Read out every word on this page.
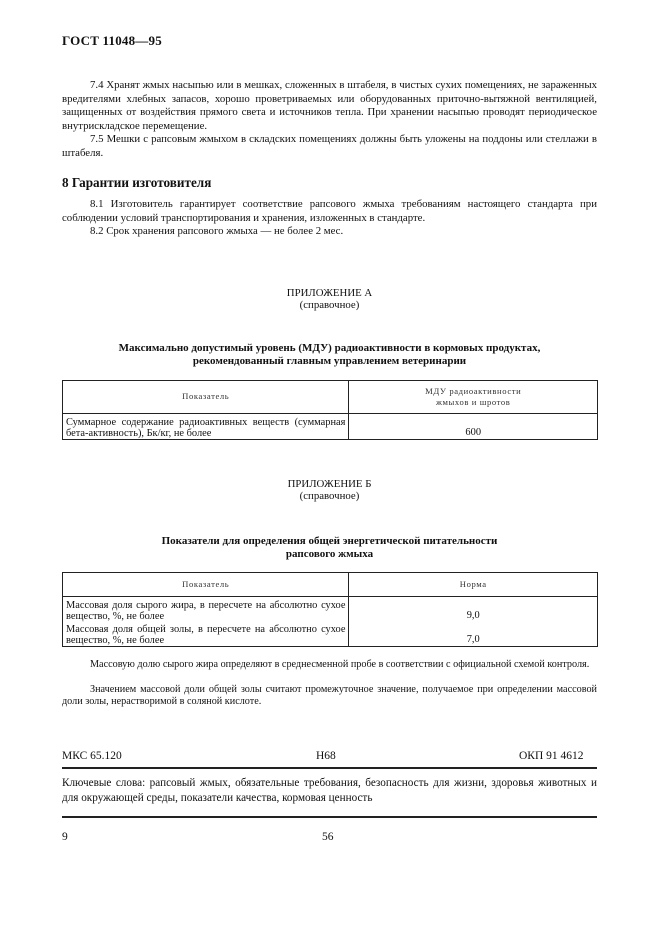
ГОСТ 11048—95
7.4 Хранят жмых насыпью или в мешках, сложенных в штабеля, в чистых сухих помещениях, не зараженных вредителями хлебных запасов, хорошо проветриваемых или оборудованных приточно-вытяжной вентиляцией, защищенных от воздействия прямого света и источников тепла. При хранении насыпью проводят периодическое внутрискладское перемещение.
7.5 Мешки с рапсовым жмыхом в складских помещениях должны быть уложены на поддоны или стеллажи в штабеля.
8 Гарантии изготовителя
8.1 Изготовитель гарантирует соответствие рапсового жмыха требованиям настоящего стандарта при соблюдении условий транспортирования и хранения, изложенных в стандарте.
8.2 Срок хранения рапсового жмыха — не более 2 мес.
ПРИЛОЖЕНИЕ А
(справочное)
Максимально допустимый уровень (МДУ) радиоактивности в кормовых продуктах,
рекомендованный главным управлением ветеринарии
Показатель	МДУ радиоактивности
жмыхов и шротов

Суммарное содержание радиоактивных веществ (суммарная бета-активность), Бк/кг, не более	600
ПРИЛОЖЕНИЕ Б
(справочное)
Показатели для определения общей энергетической питательности
рапсового жмыха
Показатель	Норма
Массовая доля сырого жира, в пересчете на абсолютно сухое вещество, %, не более	9,0
Массовая доля общей золы, в пересчете на абсолютно сухое вещество, %, не более	7,0
Массовую долю сырого жира определяют в среднесменной пробе в соответствии с официальной схемой контроля.
Значением массовой доли общей золы считают промежуточное значение, получаемое при определении массовой доли золы, нерастворимой в соляной кислоте.
МКС 65.120	Н68	ОКП 91 4612
Ключевые слова: рапсовый жмых, обязательные требования, безопасность для жизни, здоровья животных и для окружающей среды, показатели качества, кормовая ценность
9	56
